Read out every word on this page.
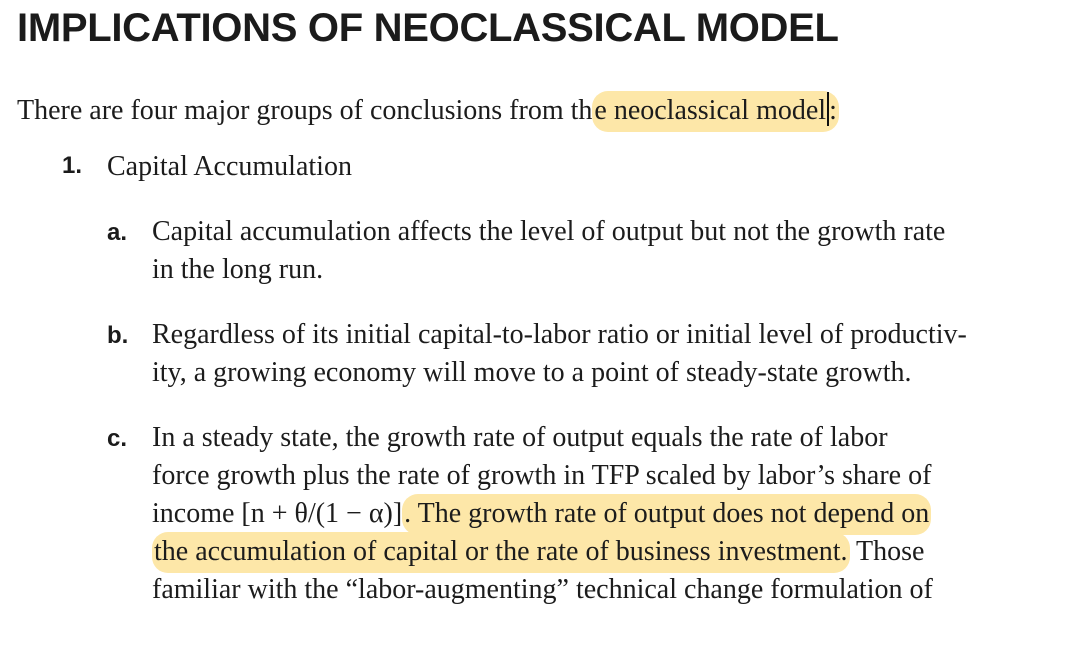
IMPLICATIONS OF NEOCLASSICAL MODEL
There are four major groups of conclusions from the neoclassical model :
1. Capital Accumulation
a. Capital accumulation affects the level of output but not the growth rate
in the long run.
b. Regardless of its initial capital-to-labor ratio or initial level of productiv-
ity, a growing economy will move to a point of steady-state growth.
c. In a steady state, the growth rate of output equals the rate of labor
force growth plus the rate of growth in TFP scaled by labor’s share of
income [n + θ/(1 − α)]. The growth rate of output does not depend on
the accumulation of capital or the rate of business investment. Those
familiar with the “labor-augmenting” technical change formulation of
